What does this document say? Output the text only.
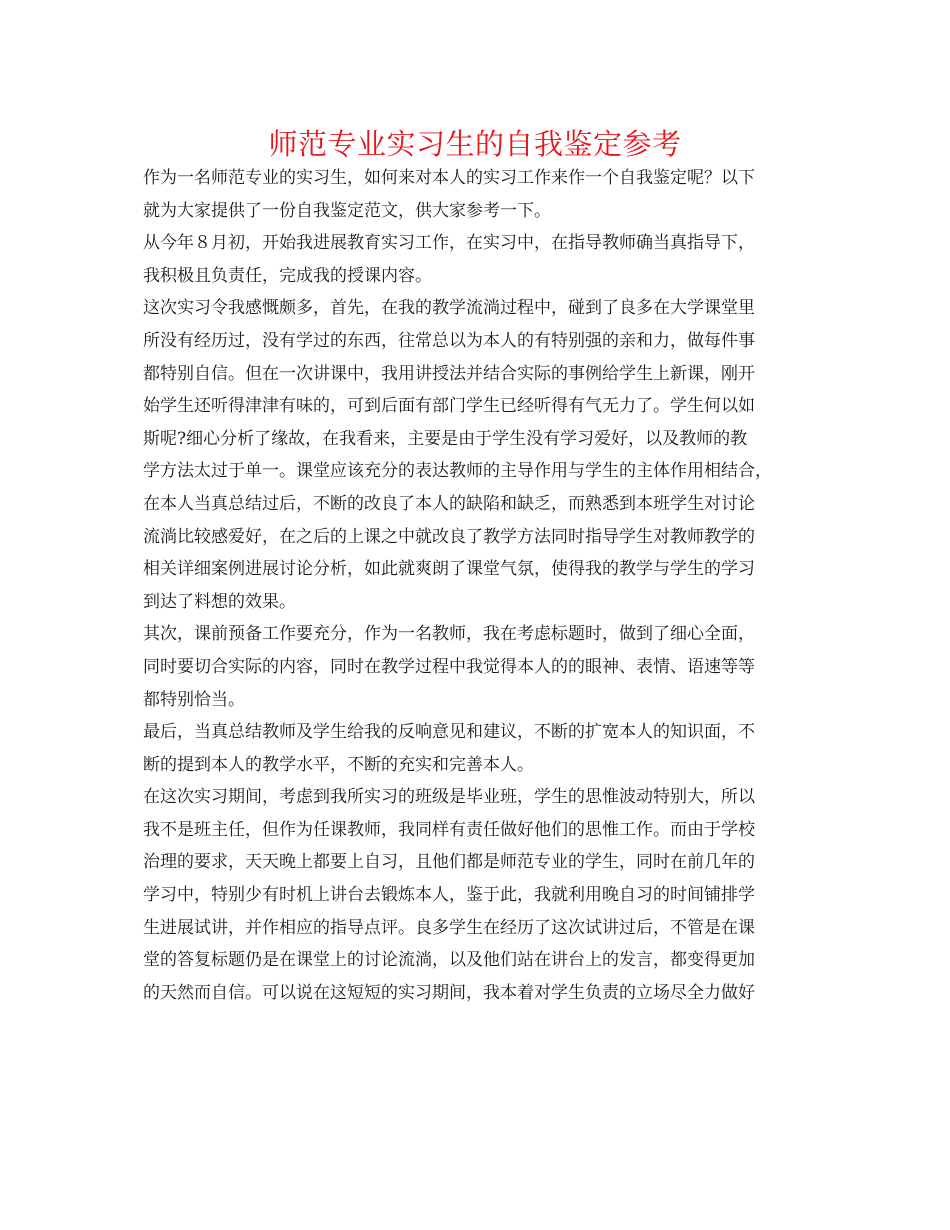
师范专业实习生的自我鉴定参考
作为一名师范专业的实习生，如何来对本人的实习工作来作一个自我鉴定呢？以下
就为大家提供了一份自我鉴定范文，供大家参考一下。
从今年８月初，开始我进展教育实习工作，在实习中，在指导教师确当真指导下，
我积极且负责任，完成我的授课内容。
这次实习令我感慨颇多，首先，在我的教学流淌过程中，碰到了良多在大学课堂里
所没有经历过，没有学过的东西，往常总以为本人的有特别强的亲和力，做每件事
都特别自信。但在一次讲课中，我用讲授法并结合实际的事例给学生上新课，刚开
始学生还听得津津有味的，可到后面有部门学生已经听得有气无力了。学生何以如
斯呢?细心分析了缘故，在我看来，主要是由于学生没有学习爱好，以及教师的教
学方法太过于单一。课堂应该充分的表达教师的主导作用与学生的主体作用相结合，
在本人当真总结过后，不断的改良了本人的缺陷和缺乏，而熟悉到本班学生对讨论
流淌比较感爱好，在之后的上课之中就改良了教学方法同时指导学生对教师教学的
相关详细案例进展讨论分析，如此就爽朗了课堂气氛，使得我的教学与学生的学习
到达了料想的效果。
其次，课前预备工作要充分，作为一名教师，我在考虑标题时，做到了细心全面，
同时要切合实际的内容，同时在教学过程中我觉得本人的的眼神、表情、语速等等
都特别恰当。
最后，当真总结教师及学生给我的反响意见和建议，不断的扩宽本人的知识面，不
断的提到本人的教学水平，不断的充实和完善本人。
在这次实习期间，考虑到我所实习的班级是毕业班，学生的思惟波动特别大，所以
我不是班主任，但作为任课教师，我同样有责任做好他们的思惟工作。而由于学校
治理的要求，天天晚上都要上自习，且他们都是师范专业的学生，同时在前几年的
学习中，特别少有时机上讲台去锻炼本人，鉴于此，我就利用晚自习的时间铺排学
生进展试讲，并作相应的指导点评。良多学生在经历了这次试讲过后，不管是在课
堂的答复标题仍是在课堂上的讨论流淌，以及他们站在讲台上的发言，都变得更加
的天然而自信。可以说在这短短的实习期间，我本着对学生负责的立场尽全力做好
